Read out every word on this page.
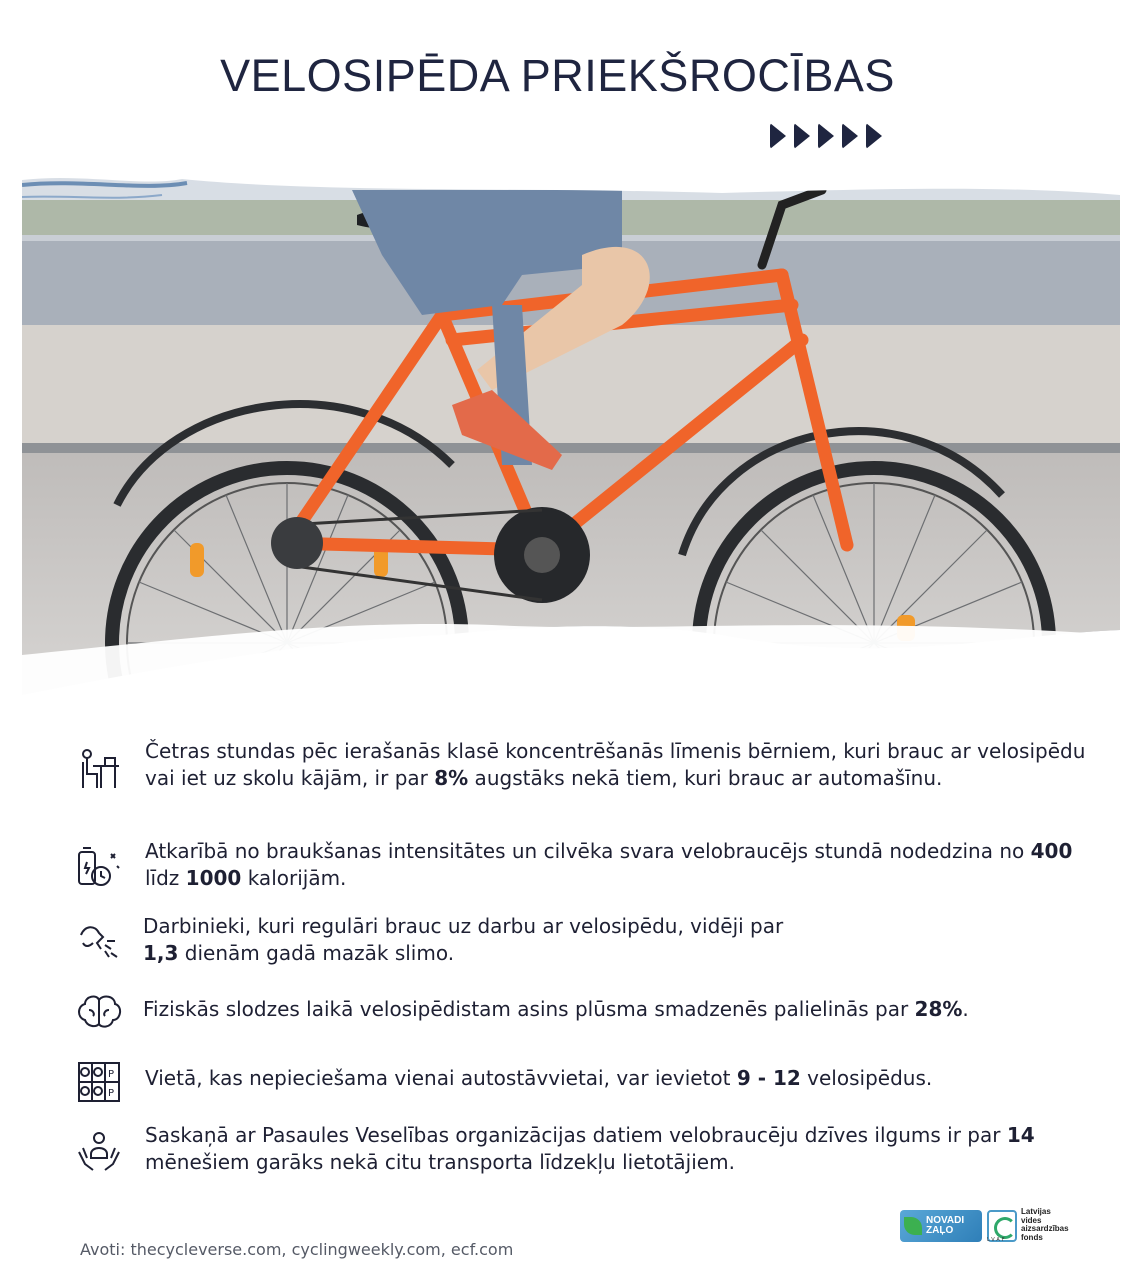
VELOSIPĒDA PRIEKŠROCĪBAS
Četras stundas pēc ierašanās klasē koncentrēšanās līmenis bērniem, kuri brauc ar velosipēdu vai iet uz skolu kājām, ir par 8% augstāks nekā tiem, kuri brauc ar automašīnu.
Atkarībā no braukšanas intensitātes un cilvēka svara velobraucējs stundā nodedzina no 400 līdz 1000 kalorijām.
Darbinieki, kuri regulāri brauc uz darbu ar velosipēdu, vidēji par
1,3 dienām gadā mazāk slimo.
Fiziskās slodzes laikā velosipēdistam asins plūsma smadzenēs palielinās par 28%.
P
P
Vietā, kas nepieciešama vienai autostāvvietai, var ievietot 9 - 12 velosipēdus.
Saskaņā ar Pasaules Veselības organizācijas datiem velobraucēju dzīves ilgums ir par 14 mēnešiem garāks nekā citu transporta līdzekļu lietotājiem.
Avoti: thecycleverse.com, cyclingweekly.com, ecf.com
NOVADI
ZAĻO
LVAF
Latvijas
vides
aizsardzības
fonds
